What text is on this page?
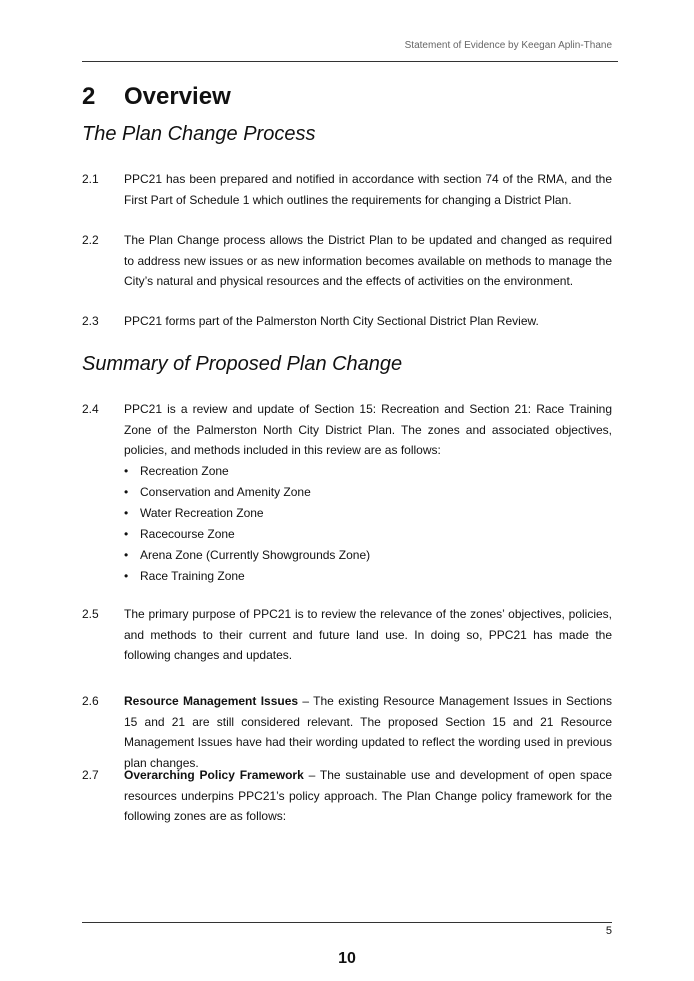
Statement of Evidence by Keegan Aplin-Thane
2 Overview
The Plan Change Process
2.1 PPC21 has been prepared and notified in accordance with section 74 of the RMA, and the First Part of Schedule 1 which outlines the requirements for changing a District Plan.
2.2 The Plan Change process allows the District Plan to be updated and changed as required to address new issues or as new information becomes available on methods to manage the City’s natural and physical resources and the effects of activities on the environment.
2.3 PPC21 forms part of the Palmerston North City Sectional District Plan Review.
Summary of Proposed Plan Change
2.4 PPC21 is a review and update of Section 15: Recreation and Section 21: Race Training Zone of the Palmerston North City District Plan. The zones and associated objectives, policies, and methods included in this review are as follows:
• Recreation Zone
• Conservation and Amenity Zone
• Water Recreation Zone
• Racecourse Zone
• Arena Zone (Currently Showgrounds Zone)
• Race Training Zone
2.5 The primary purpose of PPC21 is to review the relevance of the zones’ objectives, policies, and methods to their current and future land use. In doing so, PPC21 has made the following changes and updates.
2.6 Resource Management Issues – The existing Resource Management Issues in Sections 15 and 21 are still considered relevant. The proposed Section 15 and 21 Resource Management Issues have had their wording updated to reflect the wording used in previous plan changes.
2.7 Overarching Policy Framework – The sustainable use and development of open space resources underpins PPC21’s policy approach. The Plan Change policy framework for the following zones are as follows:
5
10
